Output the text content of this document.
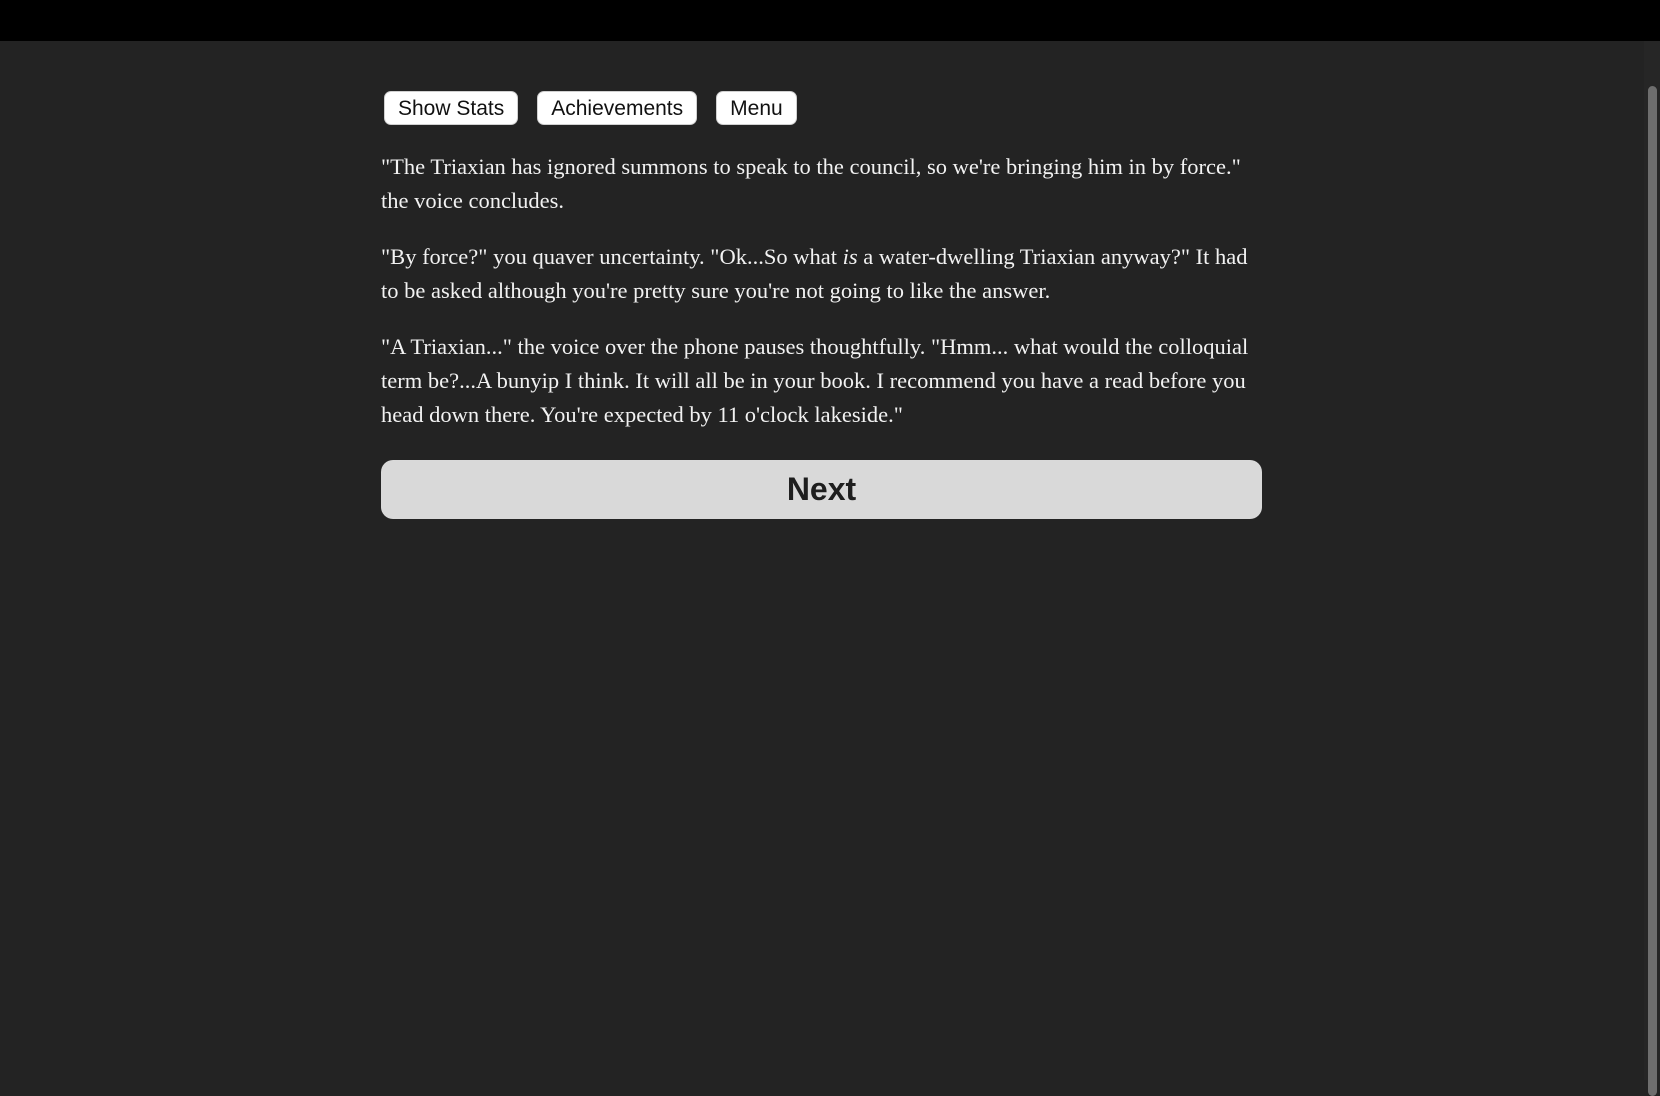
Show Stats	Achievements	Menu

"The Triaxian has ignored summons to speak to the council, so we're bringing him in by force." the voice concludes.

"By force?" you quaver uncertainty. "Ok...So what is a water-dwelling Triaxian anyway?" It had to be asked although you're pretty sure you're not going to like the answer.

"A Triaxian..." the voice over the phone pauses thoughtfully. "Hmm... what would the colloquial term be?...A bunyip I think. It will all be in your book. I recommend you have a read before you head down there. You're expected by 11 o'clock lakeside."

Next
